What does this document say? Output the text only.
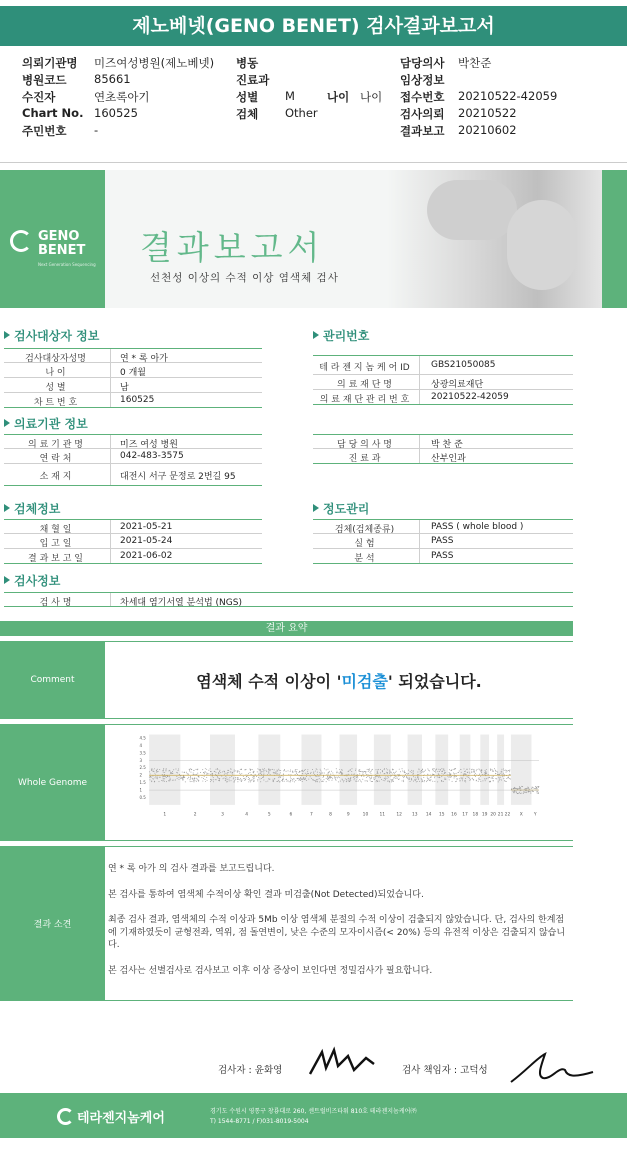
제노베넷(GENO BENET) 검사결과보고서
의뢰기관명 미즈여성병원(제노베넷) 병동	담당의사 박찬준
병원코드 85661	진료과	임상정보
수진자	연초록아기	성별 M	나이 나이 접수번호 20210522-42059
Chart No. 160525	검체 Other	검사의뢰 20210522
주민번호 -	결과보고 20210602
GENO
BENET
Next Generation Sequencing 결과보고서
선천성 이상의 수적 이상 염색체 검사
검사대상자 정보
검사대상자성명	연 * 록 아가
나 이	0 개월
성 별	남
차 트 번 호	160525
관리번호
테 라 젠 지 놈 케 어 ID GBS21050085
의 료 재 단 명	상광의료재단
의 료 재 단 관 리 번 호	20210522-42059
의료기관 정보
의 료 기 관 명	미즈 여성 병원
연 락 처	042-483-3575
소 재 지	대전시 서구 문정로 2번길 95
담 당 의 사 명	박 찬 준
진 료 과	산부인과
검체정보
채 혈 일	2021-05-21
입 고 일	2021-05-24
결 과 보 고 일	2021-06-02
정도관리
검체(검체종류)	PASS ( whole blood )
실 험	PASS
분 석	PASS
검사정보
검 사 명	차세대 염기서열 분석법 (NGS)
결과 요약
Comment	염색체 수적 이상이 ' 미검출 ' 되었습니다.
Whole Genome
1	2	3	4	5	6	7	8	9	10 11 12 13 14 15 16 17 18 19 20 21 22 X Y
4.5
4
3.5
3
2.5
2
1.5
1
0.5
결과 소견

연 * 록 아가 의 검사 결과를 보고드립니다.

본 검사를 통하여 염색체 수적이상 확인 결과 미검출(Not Detected)되었습니다.

최종 검사 결과, 염색체의 수적 이상과 5Mb 이상 염색체 분절의 수적 이상이 검출되지 않았습니다. 단, 검사의 한계점에 기재하였듯이 균형전좌, 역위, 점 돌연변이, 낮은 수준의 모자이시즘(< 20%) 등의 유전적 이상은 검출되지 않습니다.

본 검사는 선별검사로 검사보고 이후 이상 증상이 보인다면 정밀검사가 필요합니다.

검사자 : 윤화영	검사 책임자 : 고덕성
테라젠지놈케어	경기도 수원시 영통구 창룡대로 260, 센트럴비즈타워 810호 테라젠지놈케어㈜
T) 1544-8771 / F)031-8019-5004
